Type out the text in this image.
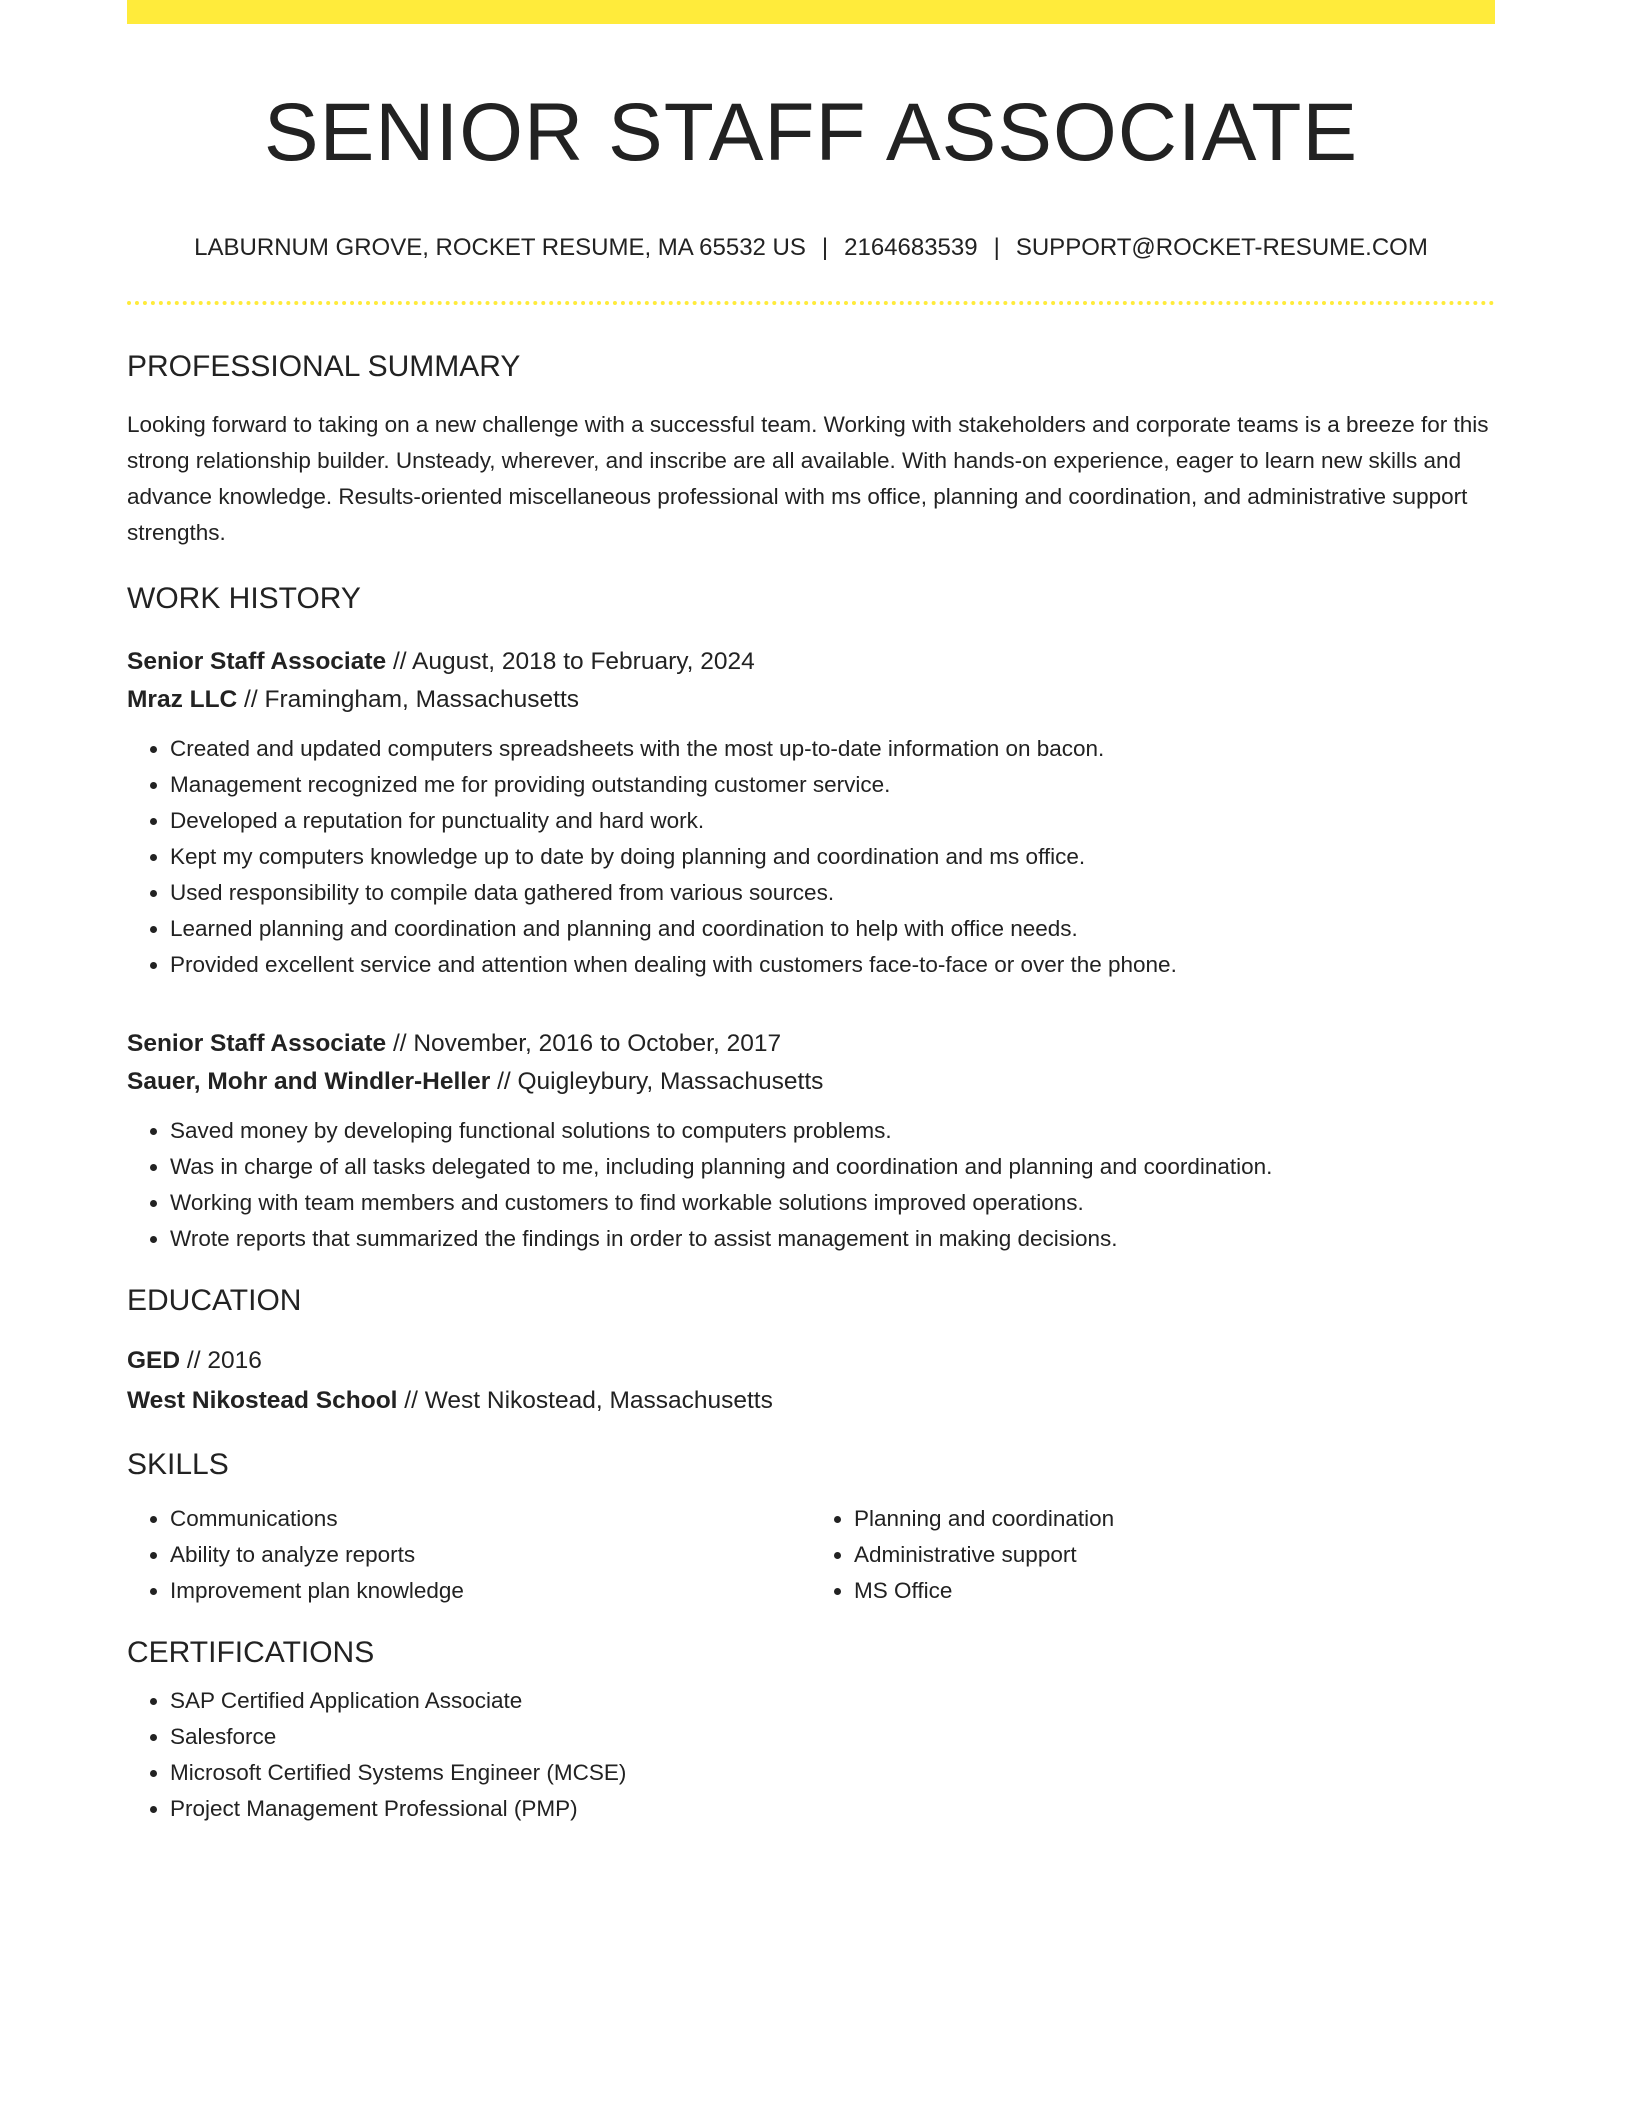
SENIOR STAFF ASSOCIATE
LABURNUM GROVE, ROCKET RESUME, MA 65532 US | 2164683539 | SUPPORT@ROCKET-RESUME.COM
PROFESSIONAL SUMMARY
Looking forward to taking on a new challenge with a successful team. Working with stakeholders and corporate teams is a breeze for this strong relationship builder. Unsteady, wherever, and inscribe are all available. With hands-on experience, eager to learn new skills and advance knowledge. Results-oriented miscellaneous professional with ms office, planning and coordination, and administrative support strengths.
WORK HISTORY
Senior Staff Associate // August, 2018 to February, 2024
Mraz LLC // Framingham, Massachusetts
• Created and updated computers spreadsheets with the most up-to-date information on bacon.
• Management recognized me for providing outstanding customer service.
• Developed a reputation for punctuality and hard work.
• Kept my computers knowledge up to date by doing planning and coordination and ms office.
• Used responsibility to compile data gathered from various sources.
• Learned planning and coordination and planning and coordination to help with office needs.
• Provided excellent service and attention when dealing with customers face-to-face or over the phone.
Senior Staff Associate // November, 2016 to October, 2017
Sauer, Mohr and Windler-Heller // Quigleybury, Massachusetts
• Saved money by developing functional solutions to computers problems.
• Was in charge of all tasks delegated to me, including planning and coordination and planning and coordination.
• Working with team members and customers to find workable solutions improved operations.
• Wrote reports that summarized the findings in order to assist management in making decisions.
EDUCATION
GED // 2016
West Nikostead School // West Nikostead, Massachusetts
SKILLS
• Communications
• Ability to analyze reports
• Improvement plan knowledge
• Planning and coordination
• Administrative support
• MS Office
CERTIFICATIONS
• SAP Certified Application Associate
• Salesforce
• Microsoft Certified Systems Engineer (MCSE)
• Project Management Professional (PMP)
